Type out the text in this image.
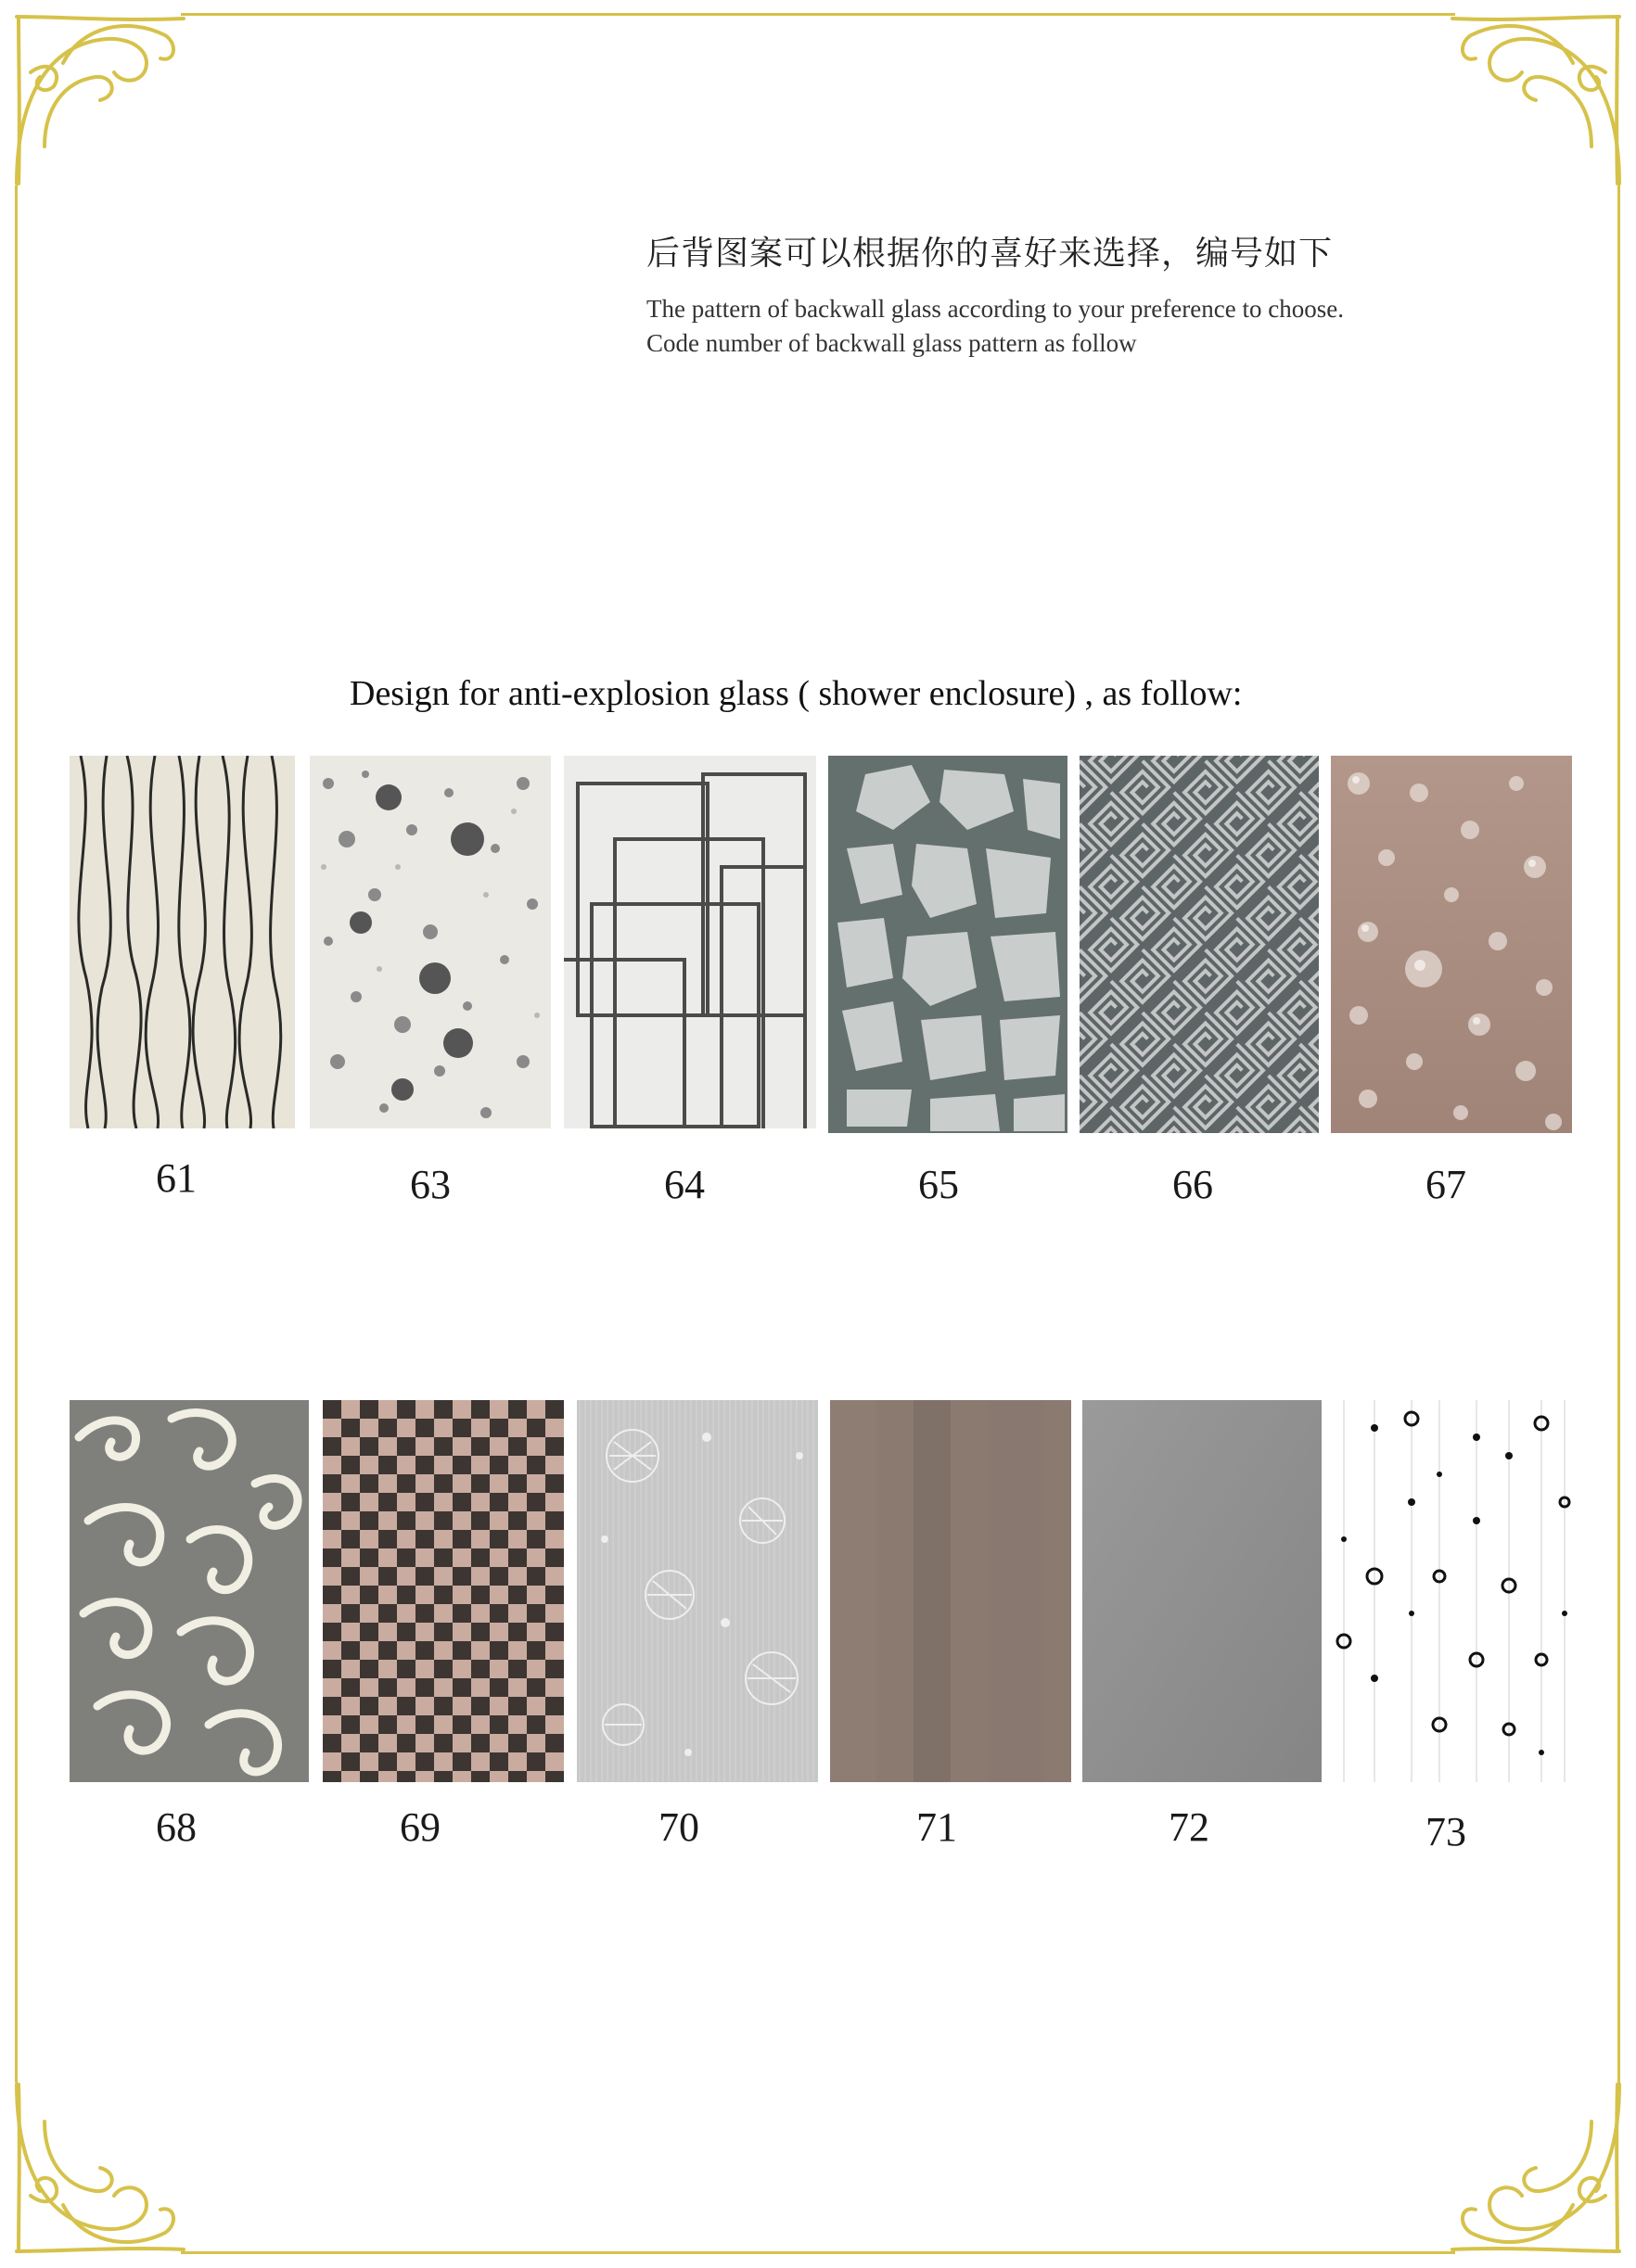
后背图案可以根据你的喜好来选择，编号如下
The pattern of backwall glass according to your preference to choose.
Code number of backwall glass pattern as follow
Design for anti-explosion glass ( shower enclosure) , as follow:
61	63	64	65	66	67
68	69	70	71	72	73
